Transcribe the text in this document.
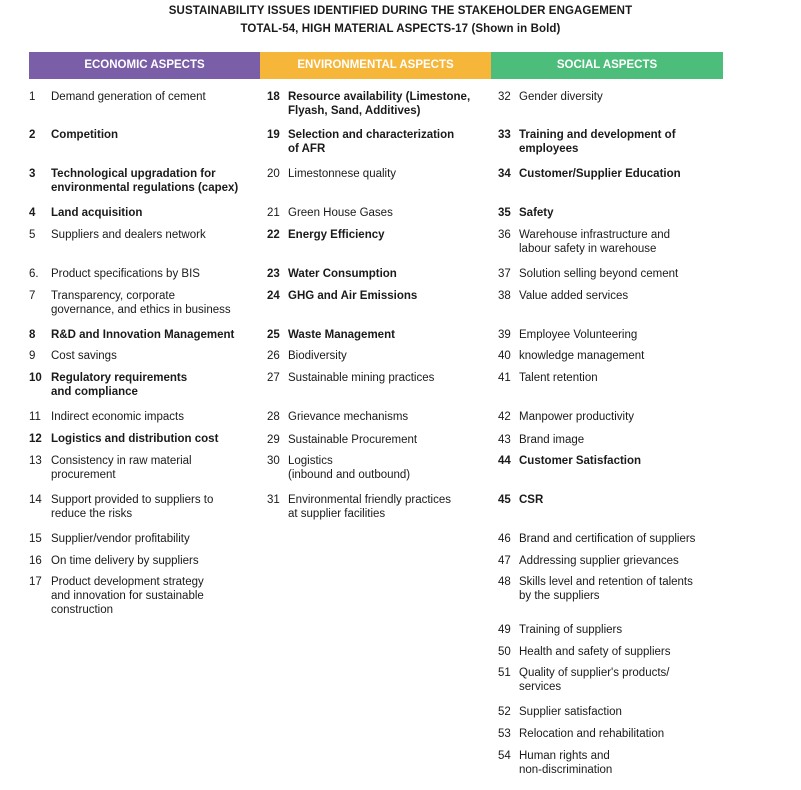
SUSTAINABILITY ISSUES IDENTIFIED DURING THE STAKEHOLDER ENGAGEMENT
TOTAL-54, HIGH MATERIAL ASPECTS-17 (Shown in Bold)
ECONOMIC ASPECTS	ENVIRONMENTAL ASPECTS	SOCIAL ASPECTS
1 Demand generation of cement
2 Competition
3 Technological upgradation for
environmental regulations (capex)
4 Land acquisition
5 Suppliers and dealers network
6. Product specifications by BIS
7 Transparency, corporate
governance, and ethics in business
8 R&D and Innovation Management
9 Cost savings
10 Regulatory requirements
and compliance
11 Indirect economic impacts
12 Logistics and distribution cost
13 Consistency in raw material
procurement
14 Support provided to suppliers to
reduce the risks
15 Supplier/vendor profitability
16 On time delivery by suppliers
17 Product development strategy
and innovation for sustainable
construction
18 Resource availability (Limestone,
Flyash, Sand, Additives)
19 Selection and characterization
of AFR
20 Limestonnese quality
21 Green House Gases
22 Energy Efficiency
23 Water Consumption
24 GHG and Air Emissions
25 Waste Management
26 Biodiversity
27 Sustainable mining practices
28 Grievance mechanisms
29 Sustainable Procurement
30 Logistics
(inbound and outbound)
31 Environmental friendly practices
at supplier facilities
32 Gender diversity
33 Training and development of
employees
34 Customer/Supplier Education
35 Safety
36 Warehouse infrastructure and
labour safety in warehouse
37 Solution selling beyond cement
38 Value added services
39 Employee Volunteering
40 knowledge management
41 Talent retention
42 Manpower productivity
43 Brand image
44 Customer Satisfaction
45 CSR
46 Brand and certification of suppliers
47 Addressing supplier grievances
48 Skills level and retention of talents
by the suppliers
49 Training of suppliers
50 Health and safety of suppliers
51 Quality of supplier's products/
services
52 Supplier satisfaction
53 Relocation and rehabilitation
54 Human rights and
non-discrimination
